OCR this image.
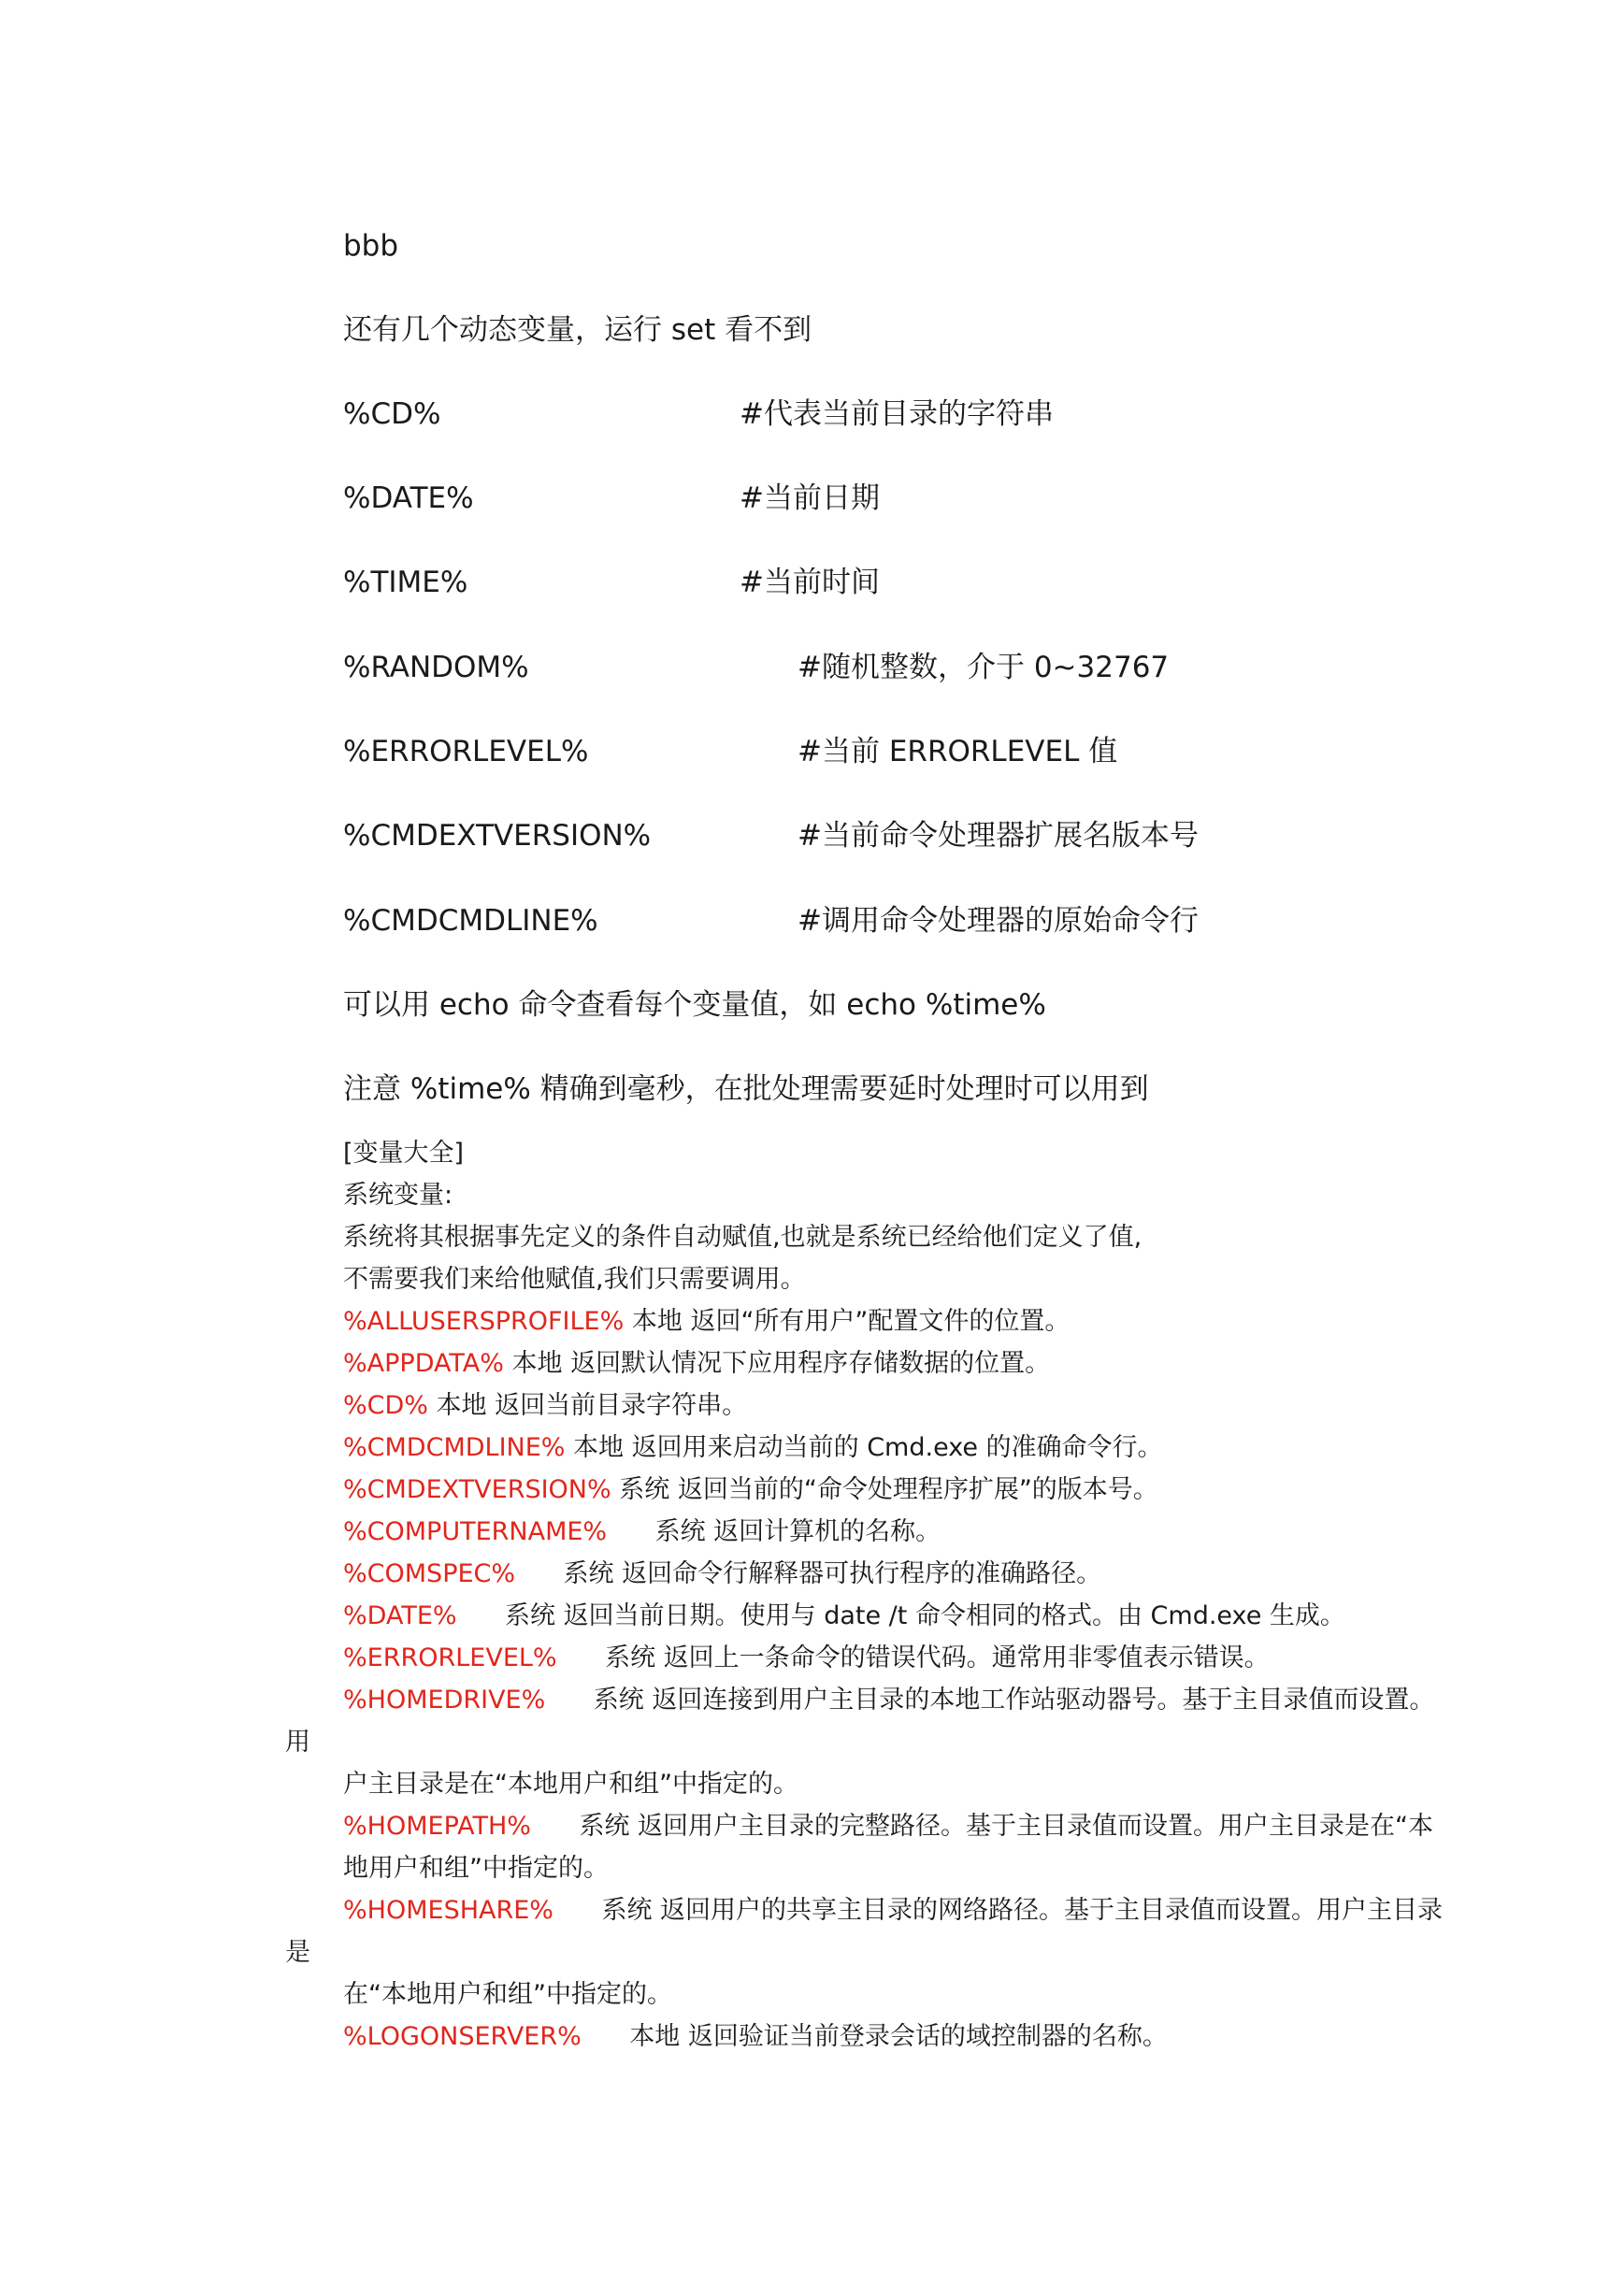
bbb
还有几个动态变量，运行 set 看不到
%CD%	#代表当前目录的字符串
%DATE%	#当前日期
%TIME%	#当前时间
%RANDOM%	#随机整数，介于 0~32767
%ERRORLEVEL%	#当前 ERRORLEVEL 值
%CMDEXTVERSION%	#当前命令处理器扩展名版本号
%CMDCMDLINE%	#调用命令处理器的原始命令行
可以用 echo 命令查看每个变量值，如 echo %time%
注意 %time% 精确到毫秒，在批处理需要延时处理时可以用到
[变量大全]
系统变量:
系统将其根据事先定义的条件自动赋值,也就是系统已经给他们定义了值,
不需要我们来给他赋值,我们只需要调用。
%ALLUSERSPROFILE% 本地 返回“所有用户”配置文件的位置。
%APPDATA% 本地 返回默认情况下应用程序存储数据的位置。
%CD% 本地 返回当前目录字符串。
%CMDCMDLINE% 本地 返回用来启动当前的 Cmd.exe 的准确命令行。
%CMDEXTVERSION% 系统 返回当前的“命令处理程序扩展”的版本号。
%COMPUTERNAME%      系统 返回计算机的名称。
%COMSPEC%      系统 返回命令行解释器可执行程序的准确路径。
%DATE%      系统 返回当前日期。使用与 date /t 命令相同的格式。由 Cmd.exe 生成。
%ERRORLEVEL%      系统 返回上一条命令的错误代码。通常用非零值表示错误。
%HOMEDRIVE%      系统 返回连接到用户主目录的本地工作站驱动器号。基于主目录值而设置。
用
户主目录是在“本地用户和组”中指定的。
%HOMEPATH%      系统 返回用户主目录的完整路径。基于主目录值而设置。用户主目录是在“本
地用户和组”中指定的。
%HOMESHARE%      系统 返回用户的共享主目录的网络路径。基于主目录值而设置。用户主目录
是
在“本地用户和组”中指定的。
%LOGONSERVER%      本地 返回验证当前登录会话的域控制器的名称。
